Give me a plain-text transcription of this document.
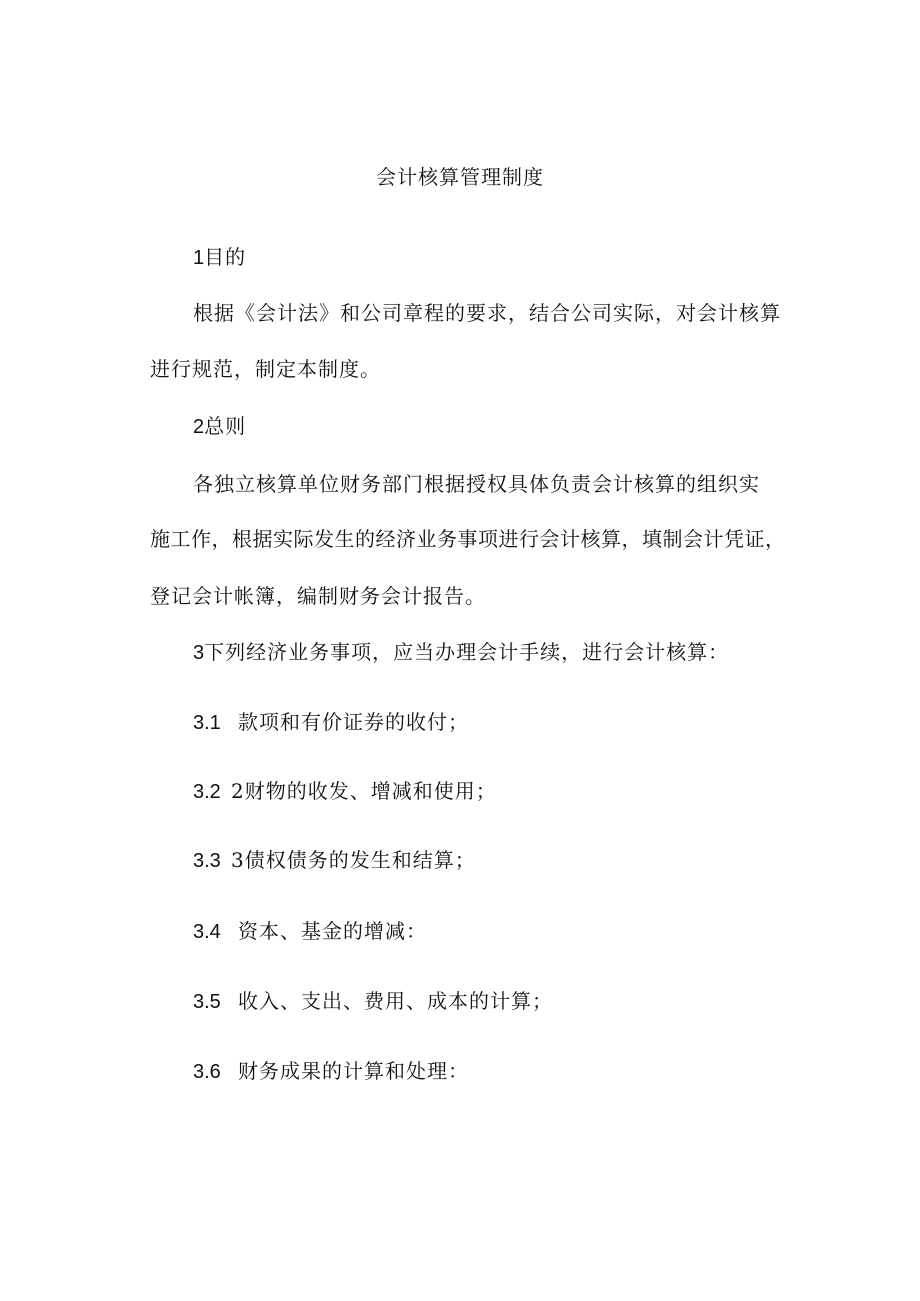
会计核算管理制度
1目的
根据《会计法》和公司章程的要求，结合公司实际，对会计核算
进行规范，制定本制度。
2总则
各独立核算单位财务部门根据授权具体负责会计核算的组织实
施工作，根据实际发生的经济业务事项进行会计核算，填制会计凭证，
登记会计帐簿，编制财务会计报告。
3下列经济业务事项，应当办理会计手续，进行会计核算：
3.1 款项和有价证券的收付；
3.2 2财物的收发、增减和使用；
3.3 3债权债务的发生和结算；
3.4 资本、基金的增减：
3.5 收入、支出、费用、成本的计算；
3.6 财务成果的计算和处理：
